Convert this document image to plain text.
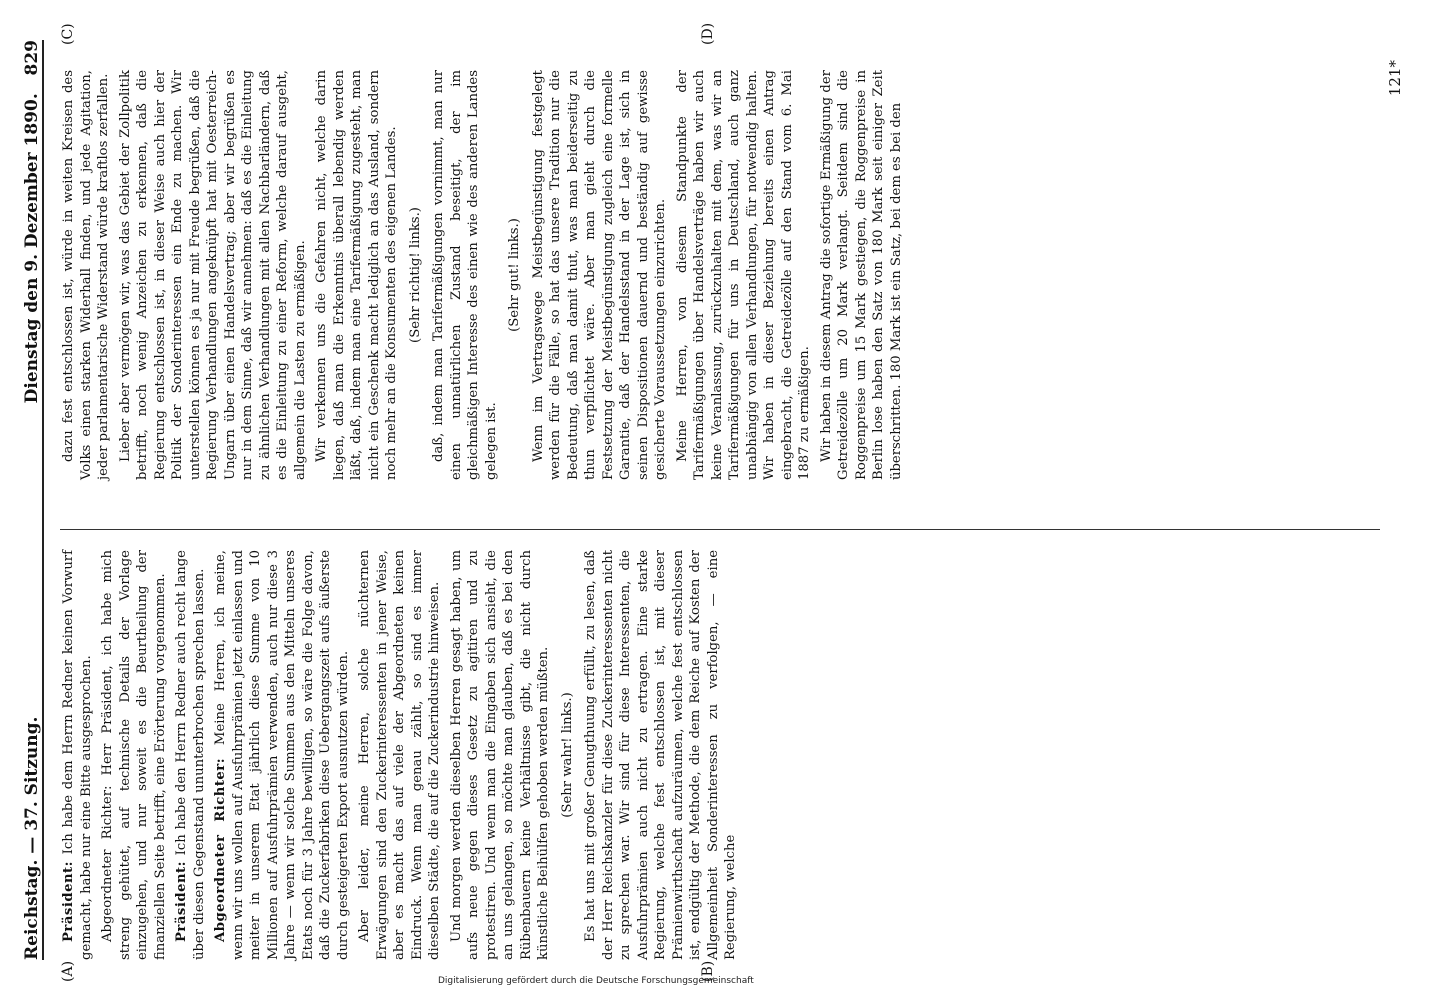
Digitalisierung gefördert durch die Deutsche Forschungsgemeinschaft
Reichstag. — 37. Sitzung.
Dienstag den 9. Dezember 1890.   829
(A)	(B)
(C)	(D)

Präsident: Ich habe dem Herrn Redner keinen Vorwurf gemacht, habe nur eine Bitte ausgesprochen. Abgeordneter Richter: Herr Präsident, ich habe mich streng gehütet, auf technische Details der Vorlage einzugehen, und nur soweit es die Beurtheilung der finanziellen Seite betrifft, eine Erörterung vorgenommen. Präsident: Ich habe den Herrn Redner auch recht lange über diesen Gegenstand ununterbrochen sprechen lassen. Abgeordneter Richter: Meine Herren, ich meine, wenn wir uns wollen auf Ausfuhrprämien jetzt einlassen und meiter in unserem Etat jährlich diese Summe von 10 Millionen auf Ausfuhrprämien verwenden, auch nur diese 3 Jahre — wenn wir solche Summen aus den Mitteln unseres Etats noch für 3 Jahre bewilligen, so wäre die Folge davon, daß die Zuckerfabriken diese Uebergangszeit aufs äußerste durch gesteigerten Export ausnutzen würden. Aber leider, meine Herren, solche nüchternen Erwägungen sind den Zuckerinteressenten in jener Weise, aber es macht das auf viele der Abgeordneten keinen Eindruck. Wenn man genau zählt, so sind es immer dieselben Städte, die auf die Zuckerindustrie hinweisen. Und morgen werden dieselben Herren gesagt haben, um aufs neue gegen dieses Gesetz zu agitiren und zu protestiren. Und wenn man die Eingaben sich ansieht, die an uns gelangen, so möchte man glauben, daß es bei den Rübenbauern keine Verhältnisse gibt, die nicht durch künstliche Beihülfen gehoben werden müßten. (Sehr wahr! links.) Es hat uns mit großer Genugthuung erfüllt, zu lesen, daß der Herr Reichskanzler für diese Zuckerinteressenten nicht zu sprechen war. Wir sind für diese Interessenten, die Ausfuhrprämien auch nicht zu ertragen. Eine starke Regierung, welche fest entschlossen ist, mit dieser Prämienwirthschaft aufzuräumen, welche fest entschlossen ist, endgültig der Methode, die dem Reiche auf Kosten der Allgemeinheit Sonderinteressen zu verfolgen, — eine Regierung, welche

dazu fest entschlossen ist, würde in weiten Kreisen des Volks einen starken Widerhall finden, und jede Agitation, jeder parlamentarische Widerstand würde kraftlos zerfallen. Lieber aber vermögen wir, was das Gebiet der Zollpolitik betrifft, noch wenig Anzeichen zu erkennen, daß die Regierung entschlossen ist, in dieser Weise auch hier der Politik der Sonderinteressen ein Ende zu machen. Wir unterstellen können es ja nur mit Freude begrüßen, daß die Regierung Verhandlungen angeknüpft hat mit Oesterreich-Ungarn über einen Handelsvertrag; aber wir begrüßen es nur in dem Sinne, daß wir annehmen: daß es die Einleitung zu ähnlichen Verhandlungen mit allen Nachbarländern, daß es die Einleitung zu einer Reform, welche darauf ausgeht, allgemein die Lasten zu ermäßigen. Wir verkennen uns die Gefahren nicht, welche darin liegen, daß man die Erkenntnis überall lebendig werden läßt, daß, indem man eine Tarifermäßigung zugesteht, man nicht ein Geschenk macht lediglich an das Ausland, sondern noch mehr an die Konsumenten des eigenen Landes. (Sehr richtig! links.) daß, indem man Tarifermäßigungen vornimmt, man nur einen unnatürlichen Zustand beseitigt, der im gleichmäßigen Interesse des einen wie des anderen Landes gelegen ist.

(Sehr gut! links.) Wenn im Vertragswege Meistbegünstigung festgelegt werden für die Fälle, so hat das unsere Tradition nur die Bedeutung, daß man damit thut, was man beiderseitig zu thun verpflichtet wäre. Aber man gieht durch die Festsetzung der Meistbegünstigung zugleich eine formelle Garantie, daß der Handelsstand in der Lage ist, sich in seinen Dispositionen dauernd und beständig auf gewisse gesicherte Voraussetzungen einzurichten. Meine Herren, von diesem Standpunkte der Tarifermäßigungen über Handelsverträge haben wir auch keine Veranlassung, zurückzuhalten mit dem, was wir an Tarifermäßigungen für uns in Deutschland, auch ganz unabhängig von allen Verhandlungen, für notwendig halten. Wir haben in dieser Beziehung bereits einen Antrag eingebracht, die Getreidezölle auf den Stand vom 6. Mai 1887 zu ermäßigen. Wir haben in diesem Antrag die sofortige Ermäßigung der Getreidezölle um 20 Mark verlangt. Seitdem sind die Roggenpreise um 15 Mark gestiegen, die Roggenpreise in Berlin lose haben den Satz von 180 Mark seit einiger Zeit überschritten. 180 Mark ist ein Satz, bei dem es bei den

121*
